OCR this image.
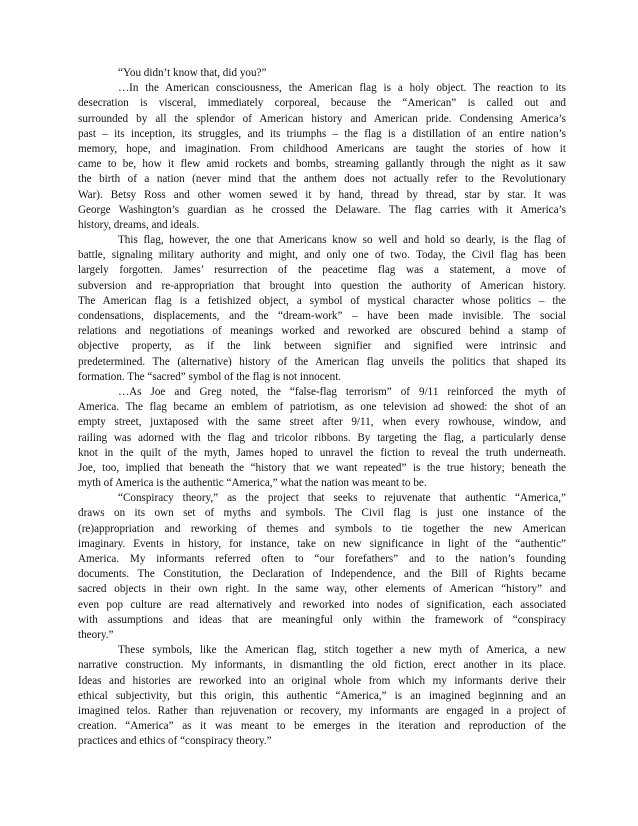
“You didn’t know that, did you?”
…In the American consciousness, the American flag is a holy object. The reaction to its
desecration is visceral, immediately corporeal, because the “American” is called out and
surrounded by all the splendor of American history and American pride. Condensing America’s
past – its inception, its struggles, and its triumphs – the flag is a distillation of an entire nation’s
memory, hope, and imagination. From childhood Americans are taught the stories of how it
came to be, how it flew amid rockets and bombs, streaming gallantly through the night as it saw
the birth of a nation (never mind that the anthem does not actually refer to the Revolutionary
War). Betsy Ross and other women sewed it by hand, thread by thread, star by star. It was
George Washington’s guardian as he crossed the Delaware. The flag carries with it America’s
history, dreams, and ideals.
This flag, however, the one that Americans know so well and hold so dearly, is the flag of
battle, signaling military authority and might, and only one of two. Today, the Civil flag has been
largely forgotten. James’ resurrection of the peacetime flag was a statement, a move of
subversion and re-appropriation that brought into question the authority of American history.
The American flag is a fetishized object, a symbol of mystical character whose politics – the
condensations, displacements, and the “dream-work” – have been made invisible. The social
relations and negotiations of meanings worked and reworked are obscured behind a stamp of
objective property, as if the link between signifier and signified were intrinsic and
predetermined. The (alternative) history of the American flag unveils the politics that shaped its
formation. The “sacred” symbol of the flag is not innocent.
…As Joe and Greg noted, the “false-flag terrorism” of 9/11 reinforced the myth of
America. The flag became an emblem of patriotism, as one television ad showed: the shot of an
empty street, juxtaposed with the same street after 9/11, when every rowhouse, window, and
railing was adorned with the flag and tricolor ribbons. By targeting the flag, a particularly dense
knot in the quilt of the myth, James hoped to unravel the fiction to reveal the truth underneath.
Joe, too, implied that beneath the “history that we want repeated” is the true history; beneath the
myth of America is the authentic “America,” what the nation was meant to be.
“Conspiracy theory,” as the project that seeks to rejuvenate that authentic “America,”
draws on its own set of myths and symbols. The Civil flag is just one instance of the
(re)appropriation and reworking of themes and symbols to tie together the new American
imaginary. Events in history, for instance, take on new significance in light of the “authentic”
America. My informants referred often to “our forefathers” and to the nation’s founding
documents. The Constitution, the Declaration of Independence, and the Bill of Rights became
sacred objects in their own right. In the same way, other elements of American “history” and
even pop culture are read alternatively and reworked into nodes of signification, each associated
with assumptions and ideas that are meaningful only within the framework of “conspiracy
theory.”
These symbols, like the American flag, stitch together a new myth of America, a new
narrative construction. My informants, in dismantling the old fiction, erect another in its place.
Ideas and histories are reworked into an original whole from which my informants derive their
ethical subjectivity, but this origin, this authentic “America,” is an imagined beginning and an
imagined telos. Rather than rejuvenation or recovery, my informants are engaged in a project of
creation. “America” as it was meant to be emerges in the iteration and reproduction of the
practices and ethics of “conspiracy theory.”
